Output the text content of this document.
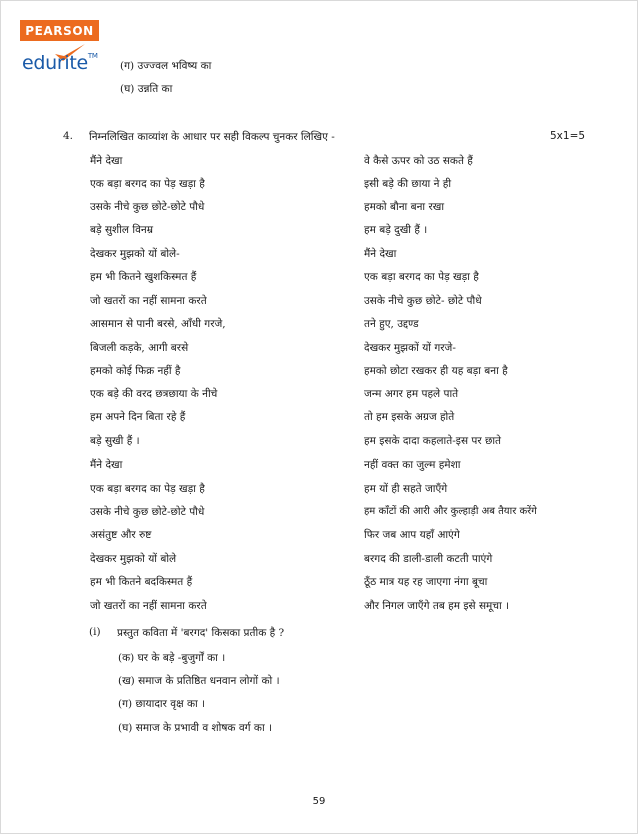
PEARSON
edurite™
(ग) उज्ज्वल भविष्य का
(घ) उन्नति का
4. निम्नलिखित काव्यांश के आधार पर सही विकल्प चुनकर लिखिए -	5x1=5
मैंने देखा
एक बड़ा बरगद का पेड़ खड़ा है
उसके नीचे कुछ छोटे-छोटे पौधे
बड़े सुशील विनम्र
देखकर मुझको यों बोले-
हम भी कितने खुशकिस्मत हैं
जो खतरों का नहीं सामना करते
आसमान से पानी बरसे, आँधी गरजे,
बिजली कड़के, आगी बरसे
हमको कोई फिक्र नहीं है
एक बड़े की वरद छत्रछाया के नीचे
हम अपने दिन बिता रहे हैं
बड़े सुखी हैं ।
मैंने देखा
एक बड़ा बरगद का पेड़ खड़ा है
उसके नीचे कुछ छोटे-छोटे पौधे
असंतुष्ट और रुष्ट
देखकर मुझको यों बोले
हम भी कितने बदकिस्मत हैं
जो खतरों का नहीं सामना करते
वे कैसे ऊपर को उठ सकते हैं
इसी बड़े की छाया ने ही
हमको बौना बना रखा
हम बड़े दुखी हैं ।
मैंने देखा
एक बड़ा बरगद का पेड़ खड़ा है
उसके नीचे कुछ छोटे- छोटे पौधे
तने हुए, उद्दण्ड
देखकर मुझकों यों गरजे-
हमको छोटा रखकर ही यह बड़ा बना है
जन्म अगर हम पहले पाते
तो हम इसके अग्रज होते
हम इसके दादा कहलाते-इस पर छाते
नहीं वक्त का जुल्म हमेशा
हम यों ही सहते जाएँगे
हम काँटों की आरी और कुल्हाड़ी अब तैयार करेंगे
फिर जब आप यहाँ आएंगे
बरगद की डाली-डाली कटती पाएंगे
ठूँठ मात्र यह रह जाएगा नंगा बूचा
और निगल जाएँगे तब हम इसे समूचा ।
(i) प्रस्तुत कविता में 'बरगद' किसका प्रतीक है ?
(क) घर के बड़े -बुजुर्गों का ।
(ख) समाज के प्रतिष्ठित धनवान लोगों को ।
(ग) छायादार वृक्ष का ।
(घ) समाज के प्रभावी व शोषक वर्ग का ।
59
